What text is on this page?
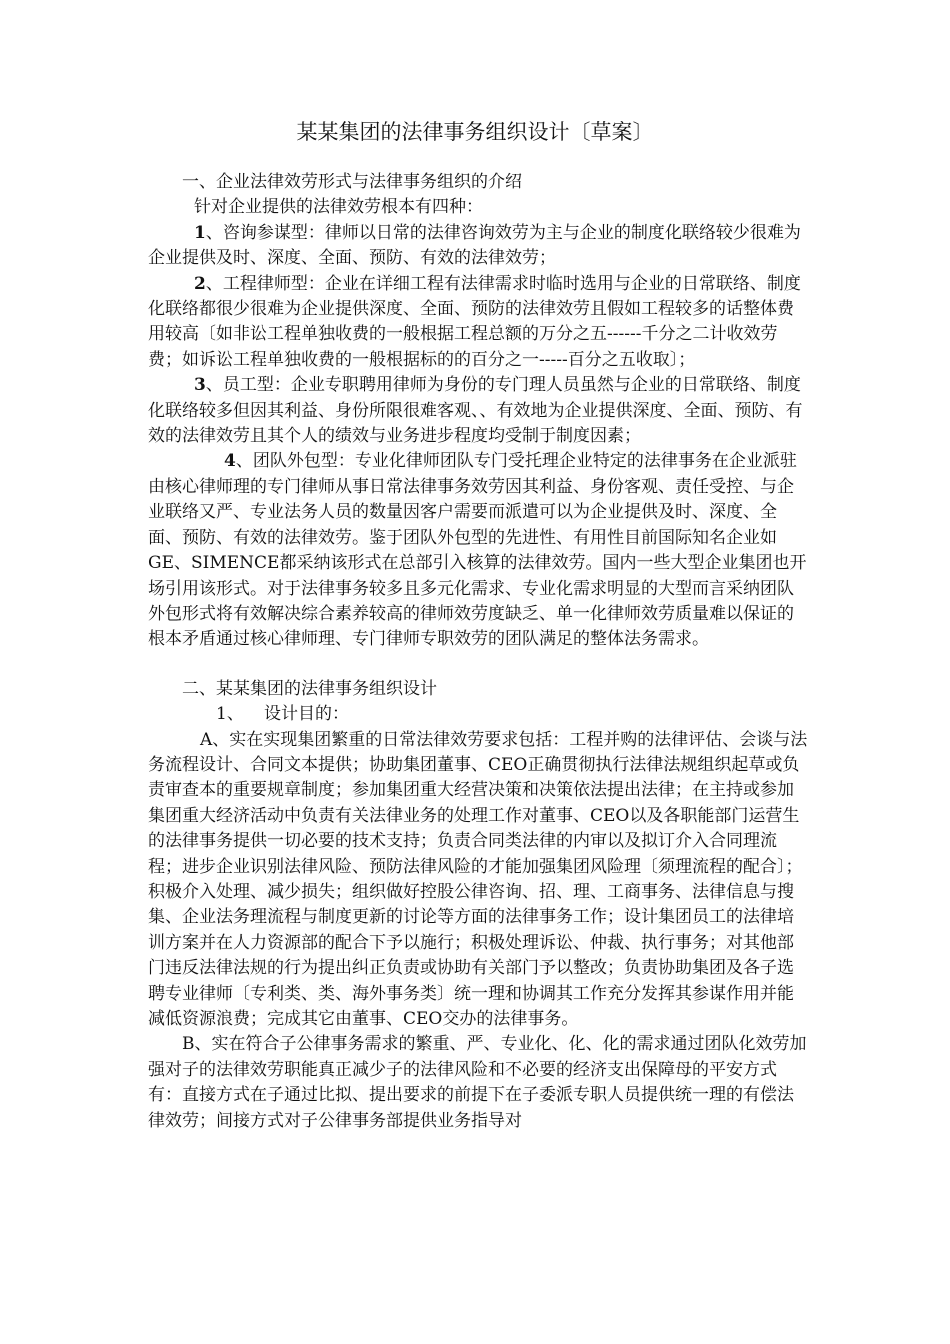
某某集团的法律事务组织设计〔草案〕

一、企业法律效劳形式与法律事务组织的介绍

针对企业提供的法律效劳根本有四种：

1、咨询参谋型：律师以日常的法律咨询效劳为主与企业的制度化联络较少很难为企业提供及时、深度、全面、预防、有效的法律效劳；

2、工程律师型：企业在详细工程有法律需求时临时选用与企业的日常联络、制度化联络都很少很难为企业提供深度、全面、预防的法律效劳且假如工程较多的话整体费用较高〔如非讼工程单独收费的一般根据工程总额的万分之五------千分之二计收效劳费；如诉讼工程单独收费的一般根据标的的百分之一-----百分之五收取〕；

3、员工型：企业专职聘用律师为身份的专门理人员虽然与企业的日常联络、制度化联络较多但因其利益、身份所限很难客观、、有效地为企业提供深度、全面、预防、有效的法律效劳且其个人的绩效与业务进步程度均受制于制度因素；

4、团队外包型：专业化律师团队专门受托理企业特定的法律事务在企业派驻由核心律师理的专门律师从事日常法律事务效劳因其利益、身份客观、责任受控、与企业联络又严、专业法务人员的数量因客户需要而派遣可以为企业提供及时、深度、全面、预防、有效的法律效劳。鉴于团队外包型的先进性、有用性目前国际知名企业如GE、SIMENCE都采纳该形式在总部引入核算的法律效劳。国内一些大型企业集团也开场引用该形式。对于法律事务较多且多元化需求、专业化需求明显的大型而言采纳团队外包形式将有效解决综合素养较高的律师效劳度缺乏、单一化律师效劳质量难以保证的根本矛盾通过核心律师理、专门律师专职效劳的团队满足的整体法务需求。

二、某某集团的法律事务组织设计

1、 设计目的：

A、实在实现集团繁重的日常法律效劳要求包括：工程并购的法律评估、会谈与法务流程设计、合同文本提供；协助集团董事、CEO正确贯彻执行法律法规组织起草或负责审查本的重要规章制度；参加集团重大经营决策和决策依法提出法律；在主持或参加集团重大经济活动中负责有关法律业务的处理工作对董事、CEO以及各职能部门运营生的法律事务提供一切必要的技术支持；负责合同类法律的内审以及拟订介入合同理流程；进步企业识别法律风险、预防法律风险的才能加强集团风险理〔须理流程的配合〕；积极介入处理、减少损失；组织做好控股公律咨询、招、理、工商事务、法律信息与搜集、企业法务理流程与制度更新的讨论等方面的法律事务工作；设计集团员工的法律培训方案并在人力资源部的配合下予以施行；积极处理诉讼、仲裁、执行事务；对其他部门违反法律法规的行为提出纠正负责或协助有关部门予以整改；负责协助集团及各子选聘专业律师〔专利类、类、海外事务类〕统一理和协调其工作充分发挥其参谋作用并能减低资源浪费；完成其它由董事、CEO交办的法律事务。

B、实在符合子公律事务需求的繁重、严、专业化、化、化的需求通过团队化效劳加强对子的法律效劳职能真正减少子的法律风险和不必要的经济支出保障母的平安方式有：直接方式在子通过比拟、提出要求的前提下在子委派专职人员提供统一理的有偿法律效劳；间接方式对子公律事务部提供业务指导对
